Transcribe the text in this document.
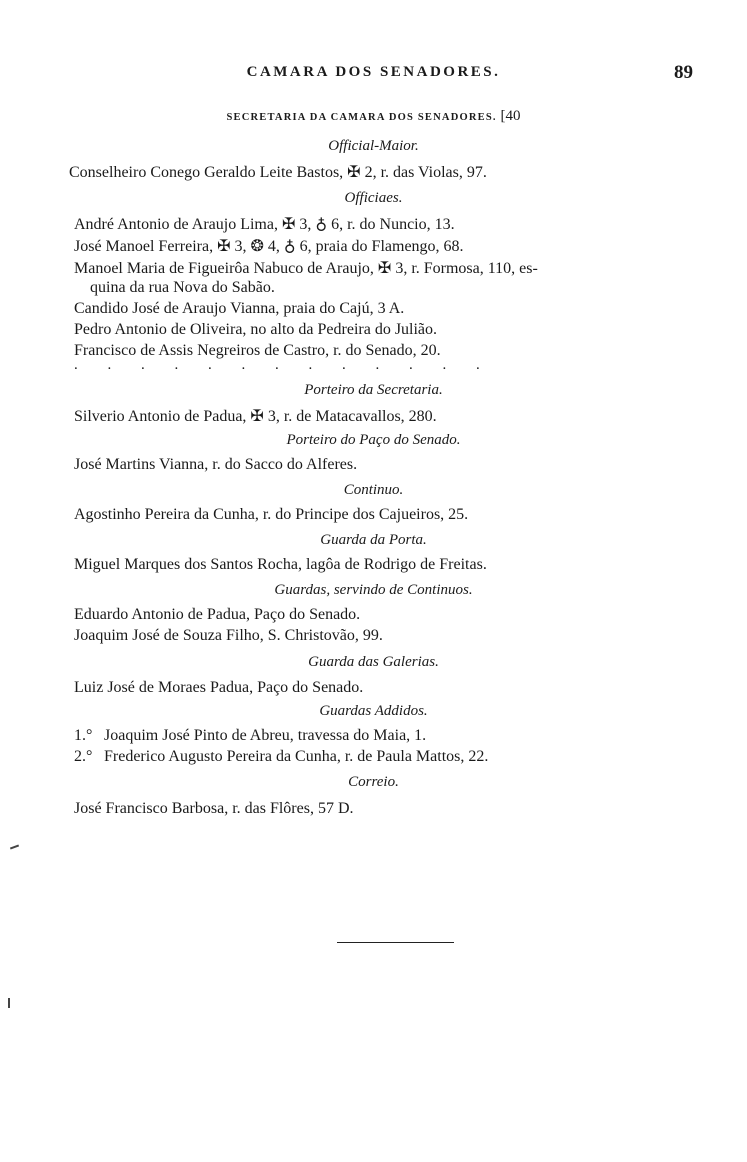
CAMARA DOS SENADORES.	89
SECRETARIA DA CAMARA DOS SENADORES. [40
Official-Maior.
Conselheiro Conego Geraldo Leite Bastos, ✠ 2, r. das Violas, 97.
Officiaes.
André Antonio de Araujo Lima, ✠ 3, ♁ 6, r. do Nuncio, 13.
José Manoel Ferreira, ✠ 3, ❂ 4, ♁ 6, praia do Flamengo, 68.
Manoel Maria de Figueirôa Nabuco de Araujo, ✠ 3, r. Formosa, 110, es-
quina da rua Nova do Sabão.
Candido José de Araujo Vianna, praia do Cajú, 3 A.
Pedro Antonio de Oliveira, no alto da Pedreira do Julião.
Francisco de Assis Negreiros de Castro, r. do Senado, 20.
. . . . . . . . . . . . .
Porteiro da Secretaria.
Silverio Antonio de Padua, ✠ 3, r. de Matacavallos, 280.
Porteiro do Paço do Senado.
José Martins Vianna, r. do Sacco do Alferes.
Continuo.
Agostinho Pereira da Cunha, r. do Principe dos Cajueiros, 25.
Guarda da Porta.
Miguel Marques dos Santos Rocha, lagôa de Rodrigo de Freitas.
Guardas, servindo de Continuos.
Eduardo Antonio de Padua, Paço do Senado.
Joaquim José de Souza Filho, S. Christovão, 99.
Guarda das Galerias.
Luiz José de Moraes Padua, Paço do Senado.
Guardas Addidos.
1.° Joaquim José Pinto de Abreu, travessa do Maia, 1.
2.° Frederico Augusto Pereira da Cunha, r. de Paula Mattos, 22.
Correio.
José Francisco Barbosa, r. das Flôres, 57 D.
